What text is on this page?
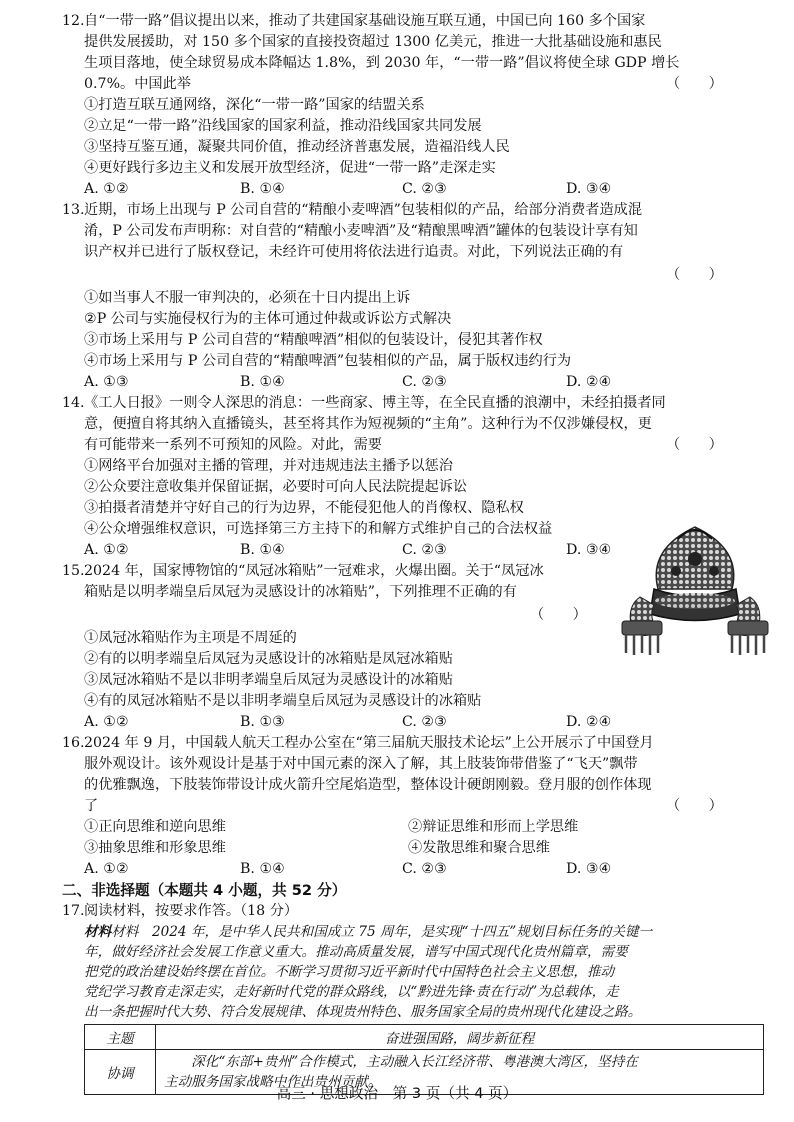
12. 自“一带一路”倡议提出以来，推动了共建国家基础设施互联互通，中国已向 160 多个国家
提供发展援助，对 150 多个国家的直接投资超过 1300 亿美元，推进一大批基础设施和惠民
生项目落地，使全球贸易成本降幅达 1.8%，到 2030 年，“一带一路”倡议将使全球 GDP 增长
0.7%。中国此举	（　　）
①打造互联互通网络，深化“一带一路”国家的结盟关系
②立足“一带一路”沿线国家的国家利益，推动沿线国家共同发展
③坚持互鉴互通，凝聚共同价值，推动经济普惠发展，造福沿线人民
④更好践行多边主义和发展开放型经济，促进“一带一路”走深走实
A. ①②	B. ①④	C. ②③	D. ③④
13. 近期，市场上出现与 P 公司自营的“精酿小麦啤酒”包装相似的产品，给部分消费者造成混
淆，P 公司发布声明称：对自营的“精酿小麦啤酒”及“精酿黑啤酒”罐体的包装设计享有知
识产权并已进行了版权登记，未经许可使用将依法进行追责。对此，下列说法正确的有
（　　）
①如当事人不服一审判决的，必须在十日内提出上诉
②P 公司与实施侵权行为的主体可通过仲裁或诉讼方式解决
③市场上采用与 P 公司自营的“精酿啤酒”相似的包装设计，侵犯其著作权
④市场上采用与 P 公司自营的“精酿啤酒”包装相似的产品，属于版权违约行为
A. ①③	B. ①④	C. ②③	D. ②④
14. 《工人日报》一则令人深思的消息：一些商家、博主等，在全民直播的浪潮中，未经拍摄者同
意，便擅自将其纳入直播镜头，甚至将其作为短视频的“主角”。这种行为不仅涉嫌侵权，更
有可能带来一系列不可预知的风险。对此，需要	（　　）
①网络平台加强对主播的管理，并对违规违法主播予以惩治
②公众要注意收集并保留证据，必要时可向人民法院提起诉讼
③拍摄者清楚并守好自己的行为边界，不能侵犯他人的肖像权、隐私权
④公众增强维权意识，可选择第三方主持下的和解方式维护自己的合法权益
A. ①②	B. ①④	C. ②③	D. ③④
15. 2024 年，国家博物馆的“凤冠冰箱贴”一冠难求，火爆出圈。关于“凤冠冰
箱贴是以明孝端皇后凤冠为灵感设计的冰箱贴”，下列推理不正确的有
（　　）
①凤冠冰箱贴作为主项是不周延的
②有的以明孝端皇后凤冠为灵感设计的冰箱贴是凤冠冰箱贴
③凤冠冰箱贴不是以非明孝端皇后凤冠为灵感设计的冰箱贴
④有的凤冠冰箱贴不是以非明孝端皇后凤冠为灵感设计的冰箱贴
A. ①②	B. ①③	C. ②③	D. ②④
16. 2024 年 9 月，中国载人航天工程办公室在“第三届航天服技术论坛”上公开展示了中国登月
服外观设计。该外观设计是基于对中国元素的深入了解，其上肢装饰带借鉴了“飞天”飘带
的优雅飘逸，下肢装饰带设计成火箭升空尾焰造型，整体设计硬朗刚毅。登月服的创作体现
了	（　　）
①正向思维和逆向思维	②辩证思维和形而上学思维
③抽象思维和形象思维	④发散思维和聚合思维
A. ①②	B. ①④	C. ②③	D. ③④
二、非选择题（本题共 4 小题，共 52 分）
17. 阅读材料，按要求作答。（18 分）
材料材料　2024 年，是中华人民共和国成立 75 周年，是实现“十四五”规划目标任务的关键一
年，做好经济社会发展工作意义重大。推动高质量发展，谱写中国式现代化贵州篇章，需要
把党的政治建设始终摆在首位。不断学习贯彻习近平新时代中国特色社会主义思想，推动
党纪学习教育走深走实，走好新时代党的群众路线，以“黔进先锋·责在行动”为总载体，走
出一条把握时代大势、符合发展规律、体现贵州特色、服务国家全局的贵州现代化建设之路。
主题	奋进强国路，阔步新征程
协调	　　深化“东部+贵州”合作模式，主动融入长江经济带、粤港澳大湾区，坚持在
主动服务国家战略中作出贵州贡献。
高三 · 思想政治　第 3 页（共 4 页）
